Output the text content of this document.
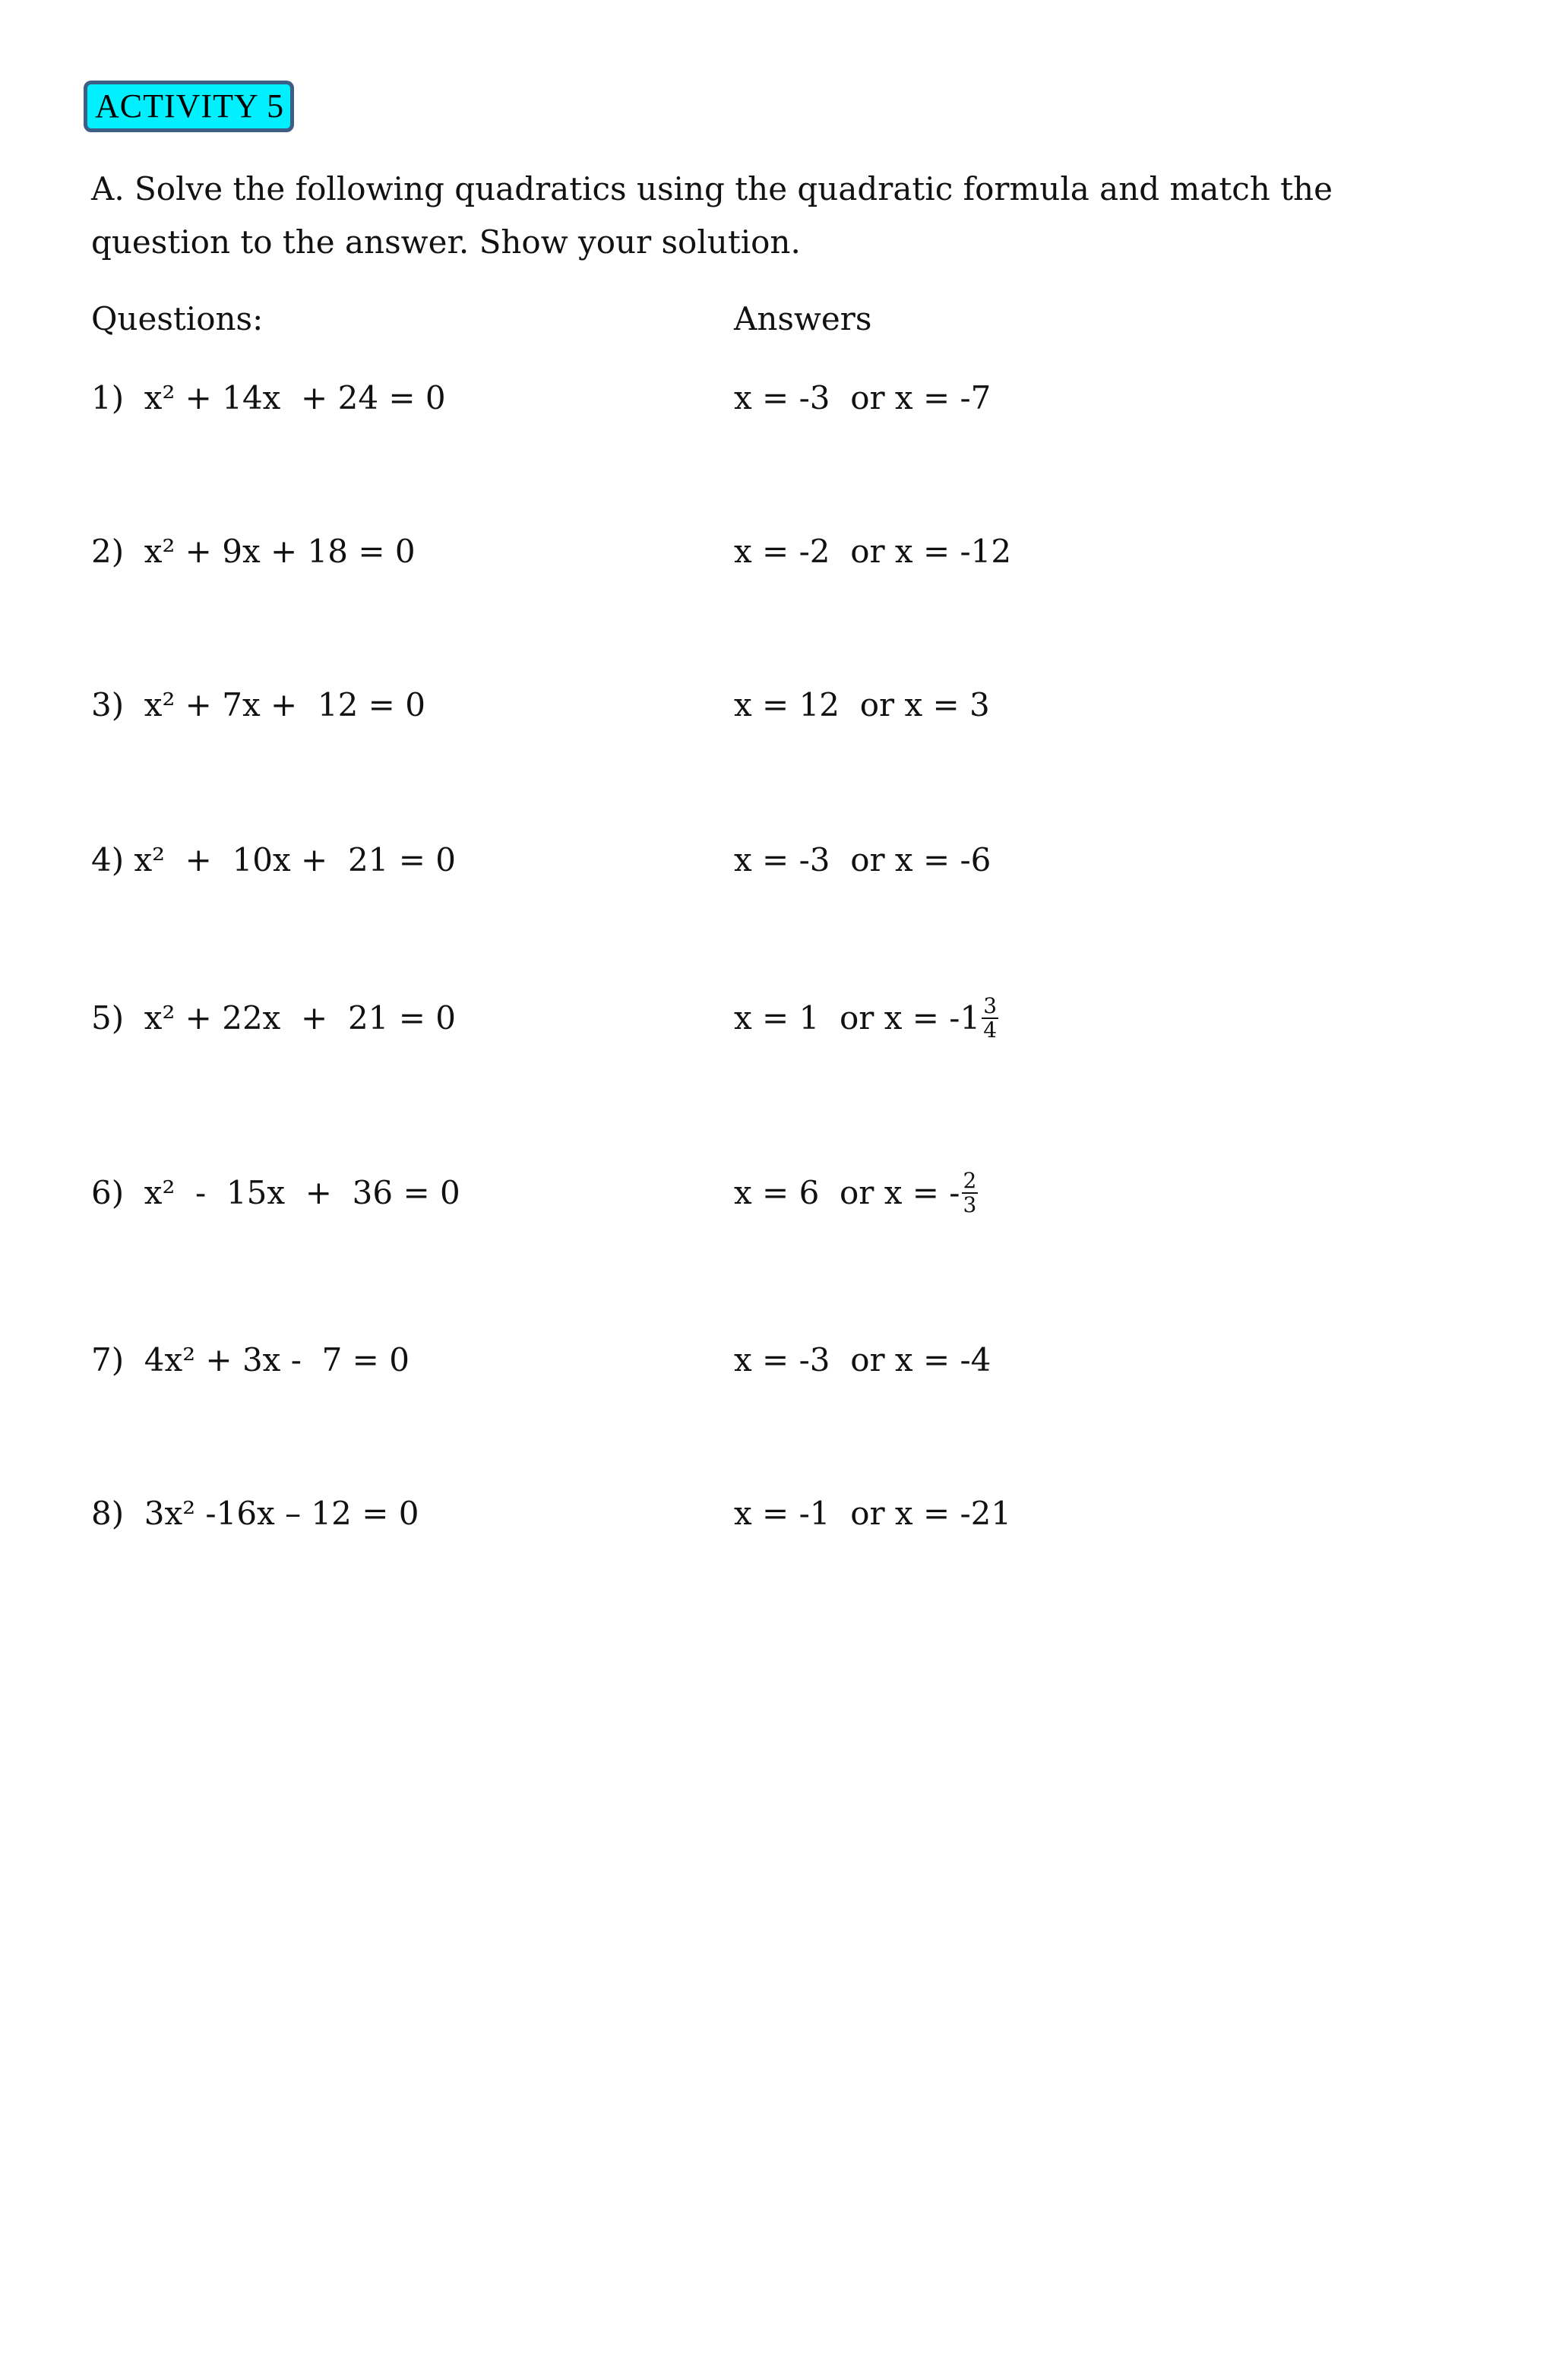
ACTIVITY 5

A. Solve the following quadratics using the quadratic formula and match the question to the answer. Show your solution.

Questions:	Answers
1)  x² + 14x  + 24 = 0	x = -3  or x = -7
2)  x² + 9x + 18 = 0	x = -2  or x = -12
3)  x² + 7x +  12 = 0	x = 12  or x = 3
4) x²  +  10x +  21 = 0	x = -3  or x = -6
5)  x² + 22x  +  21 = 0	x = 1  or $x = -1 \frac{3}{4}$
6)  x²  -  15x  +  36 = 0	x = 6  or x = - $\frac{2}{3}$
7)  4x² + 3x -  7 = 0	x = -3  or x = -4
8)  3x² -16x – 12 = 0	x = -1  or x = -21
